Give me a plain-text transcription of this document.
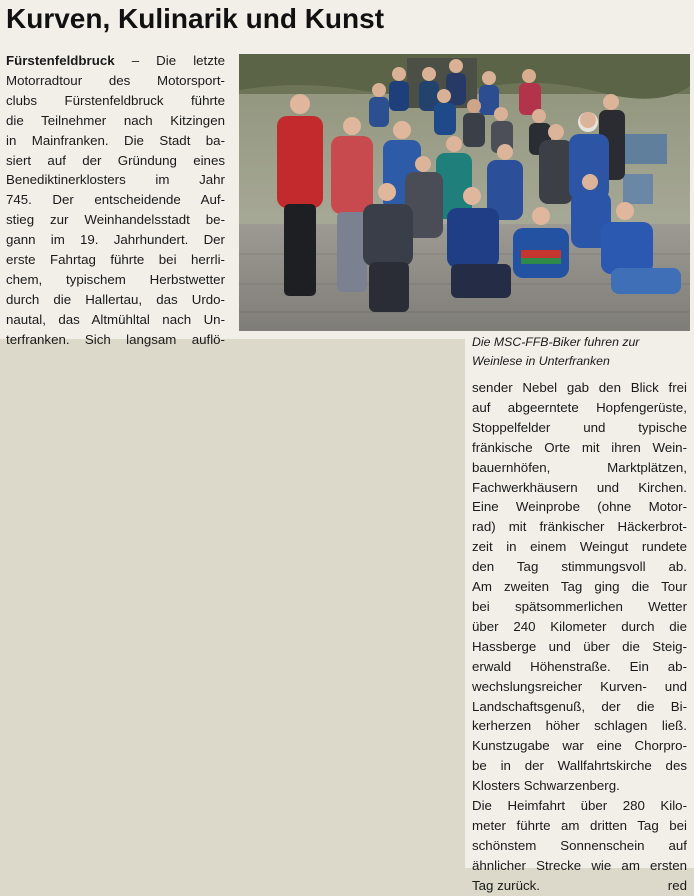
Kurven, Kulinarik und Kunst
Fürstenfeldbruck – Die letzte
Motorradtour des Motorsport-
clubs Fürstenfeldbruck führte
die Teilnehmer nach Kitzingen
in Mainfranken. Die Stadt ba-
siert auf der Gründung eines
Benediktinerklosters im Jahr
745. Der entscheidende Auf-
stieg zur Weinhandelsstadt be-
gann im 19. Jahrhundert. Der
erste Fahrtag führte bei herrli-
chem, typischem Herbstwetter
durch die Hallertau, das Urdo-
nautal, das Altmühltal nach Un-
terfranken. Sich langsam auflö-	Die MSC-FFB-Biker fuhren zur Weinlese in Unterfranken

sender Nebel gab den Blick frei
auf abgeerntete Hopfengerüste,
Stoppelfelder und typische
fränkische Orte mit ihren Wein-
bauernhöfen, Marktplätzen,
Fachwerkhäusern und Kirchen.
Eine Weinprobe (ohne Motor-
rad) mit fränkischer Häckerbrot-
zeit in einem Weingut rundete
den Tag stimmungsvoll ab.
Am zweiten Tag ging die Tour
bei spätsommerlichen Wetter
über 240 Kilometer durch die
Hassberge und über die Steig-
erwald Höhenstraße. Ein ab-
wechslungsreicher Kurven- und
Landschaftsgenuß, der die Bi-
kerherzen höher schlagen ließ.
Kunstzugabe war eine Chorpro-
be in der Wallfahrtskirche des
Klosters Schwarzenberg.
Die Heimfahrt über 280 Kilo-
meter führte am dritten Tag bei
schönstem Sonnenschein auf
ähnlicher Strecke wie am ersten
Tag zurück.	red
